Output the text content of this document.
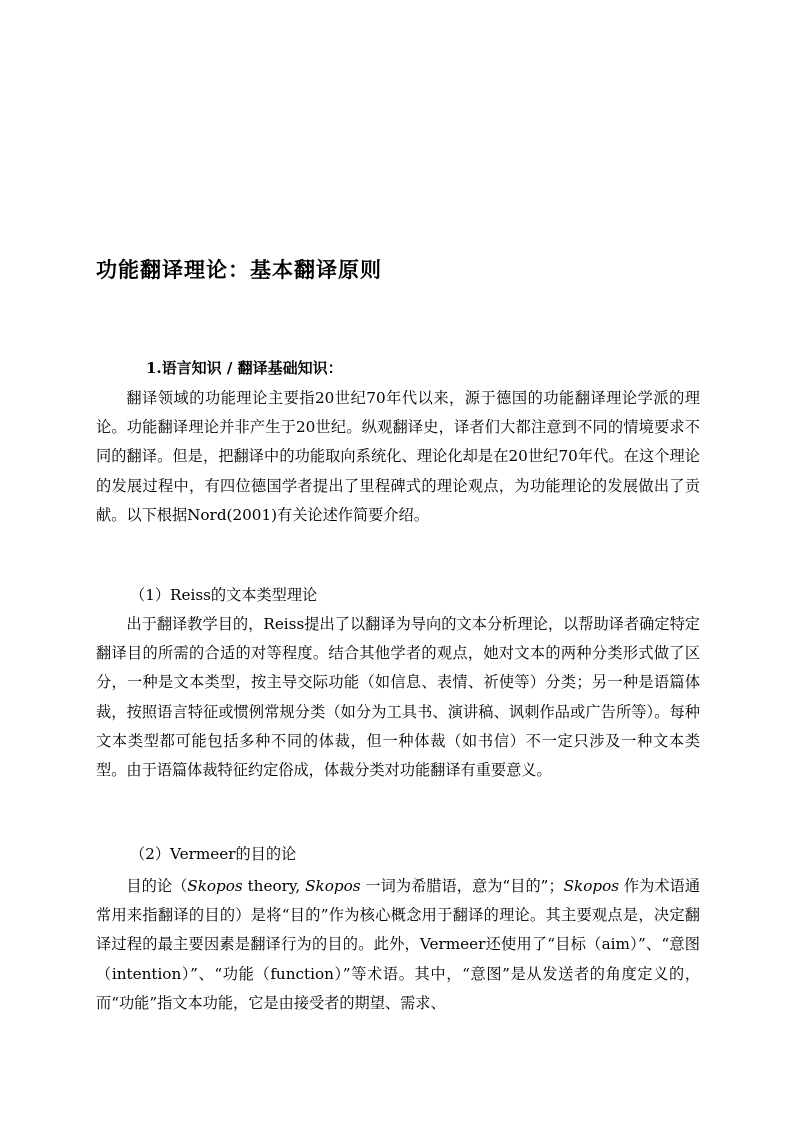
功能翻译理论：基本翻译原则
1.语言知识 / 翻译基础知识：

翻译领域的功能理论主要指20世纪70年代以来，源于德国的功能翻译理论学派的理论。功能翻译理论并非产生于20世纪。纵观翻译史，译者们大都注意到不同的情境要求不同的翻译。但是，把翻译中的功能取向系统化、理论化却是在20世纪70年代。在这个理论的发展过程中，有四位德国学者提出了里程碑式的理论观点，为功能理论的发展做出了贡献。以下根据Nord(2001)有关论述作简要介绍。

（1）Reiss的文本类型理论

出于翻译教学目的，Reiss提出了以翻译为导向的文本分析理论，以帮助译者确定特定翻译目的所需的合适的对等程度。结合其他学者的观点，她对文本的两种分类形式做了区分，一种是文本类型，按主导交际功能（如信息、表情、祈使等）分类；另一种是语篇体裁，按照语言特征或惯例常规分类（如分为工具书、演讲稿、讽刺作品或广告所等）。每种文本类型都可能包括多种不同的体裁，但一种体裁（如书信）不一定只涉及一种文本类型。由于语篇体裁特征约定俗成，体裁分类对功能翻译有重要意义。

（2）Vermeer的目的论

目的论（Skopos theory, Skopos 一词为希腊语，意为“目的”；Skopos 作为术语通常用来指翻译的目的）是将“目的”作为核心概念用于翻译的理论。其主要观点是，决定翻译过程的最主要因素是翻译行为的目的。此外，Vermeer还使用了“目标（aim）”、“意图（intention）”、“功能（function）”等术语。其中，“意图”是从发送者的角度定义的，而“功能”指文本功能，它是由接受者的期望、需求、
